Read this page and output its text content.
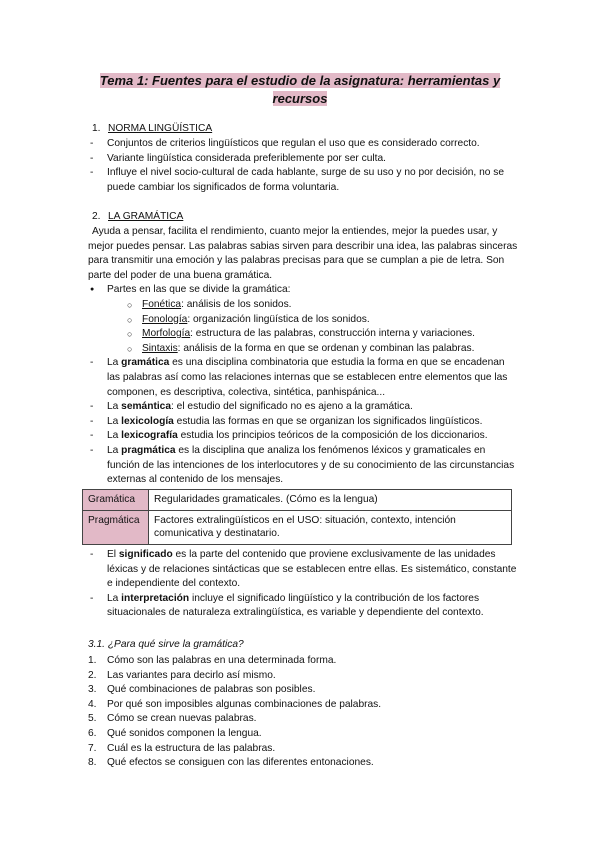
Tema 1: Fuentes para el estudio de la asignatura: herramientas y recursos
1. NORMA LINGÜÍSTICA
- Conjuntos de criterios lingüísticos que regulan el uso que es considerado correcto.
- Variante lingüística considerada preferiblemente por ser culta.
- Influye el nivel socio-cultural de cada hablante, surge de su uso y no por decisión, no se puede cambiar los significados de forma voluntaria.
2. LA GRAMÁTICA
Ayuda a pensar, facilita el rendimiento, cuanto mejor la entiendes, mejor la puedes usar, y mejor puedes pensar. Las palabras sabias sirven para describir una idea, las palabras sinceras para transmitir una emoción y las palabras precisas para que se cumplan a pie de letra. Son parte del poder de una buena gramática.
● Partes en las que se divide la gramática:
○ Fonética: análisis de los sonidos.
○ Fonología: organización lingüística de los sonidos.
○ Morfología: estructura de las palabras, construcción interna y variaciones.
○ Sintaxis: análisis de la forma en que se ordenan y combinan las palabras.
- La gramática es una disciplina combinatoria que estudia la forma en que se encadenan las palabras así como las relaciones internas que se establecen entre elementos que las componen, es descriptiva, colectiva, sintética, panhispánica...
- La semántica: el estudio del significado no es ajeno a la gramática.
- La lexicología estudia las formas en que se organizan los significados lingüísticos.
- La lexicografía estudia los principios teóricos de la composición de los diccionarios.
- La pragmática es la disciplina que analiza los fenómenos léxicos y gramaticales en función de las intenciones de los interlocutores y de su conocimiento de las circunstancias externas al contenido de los mensajes.
Gramática	Regularidades gramaticales. (Cómo es la lengua)
Pragmática	Factores extralingüísticos en el USO: situación, contexto, intención comunicativa y destinatario.
- El significado es la parte del contenido que proviene exclusivamente de las unidades léxicas y de relaciones sintácticas que se establecen entre ellas. Es sistemático, constante e independiente del contexto.
- La interpretación incluye el significado lingüístico y la contribución de los factores situacionales de naturaleza extralingüística, es variable y dependiente del contexto.
3.1. ¿Para qué sirve la gramática?
1. Cómo son las palabras en una determinada forma.
2. Las variantes para decirlo así mismo.
3. Qué combinaciones de palabras son posibles.
4. Por qué son imposibles algunas combinaciones de palabras.
5. Cómo se crean nuevas palabras.
6. Qué sonidos componen la lengua.
7. Cuál es la estructura de las palabras.
8. Qué efectos se consiguen con las diferentes entonaciones.
